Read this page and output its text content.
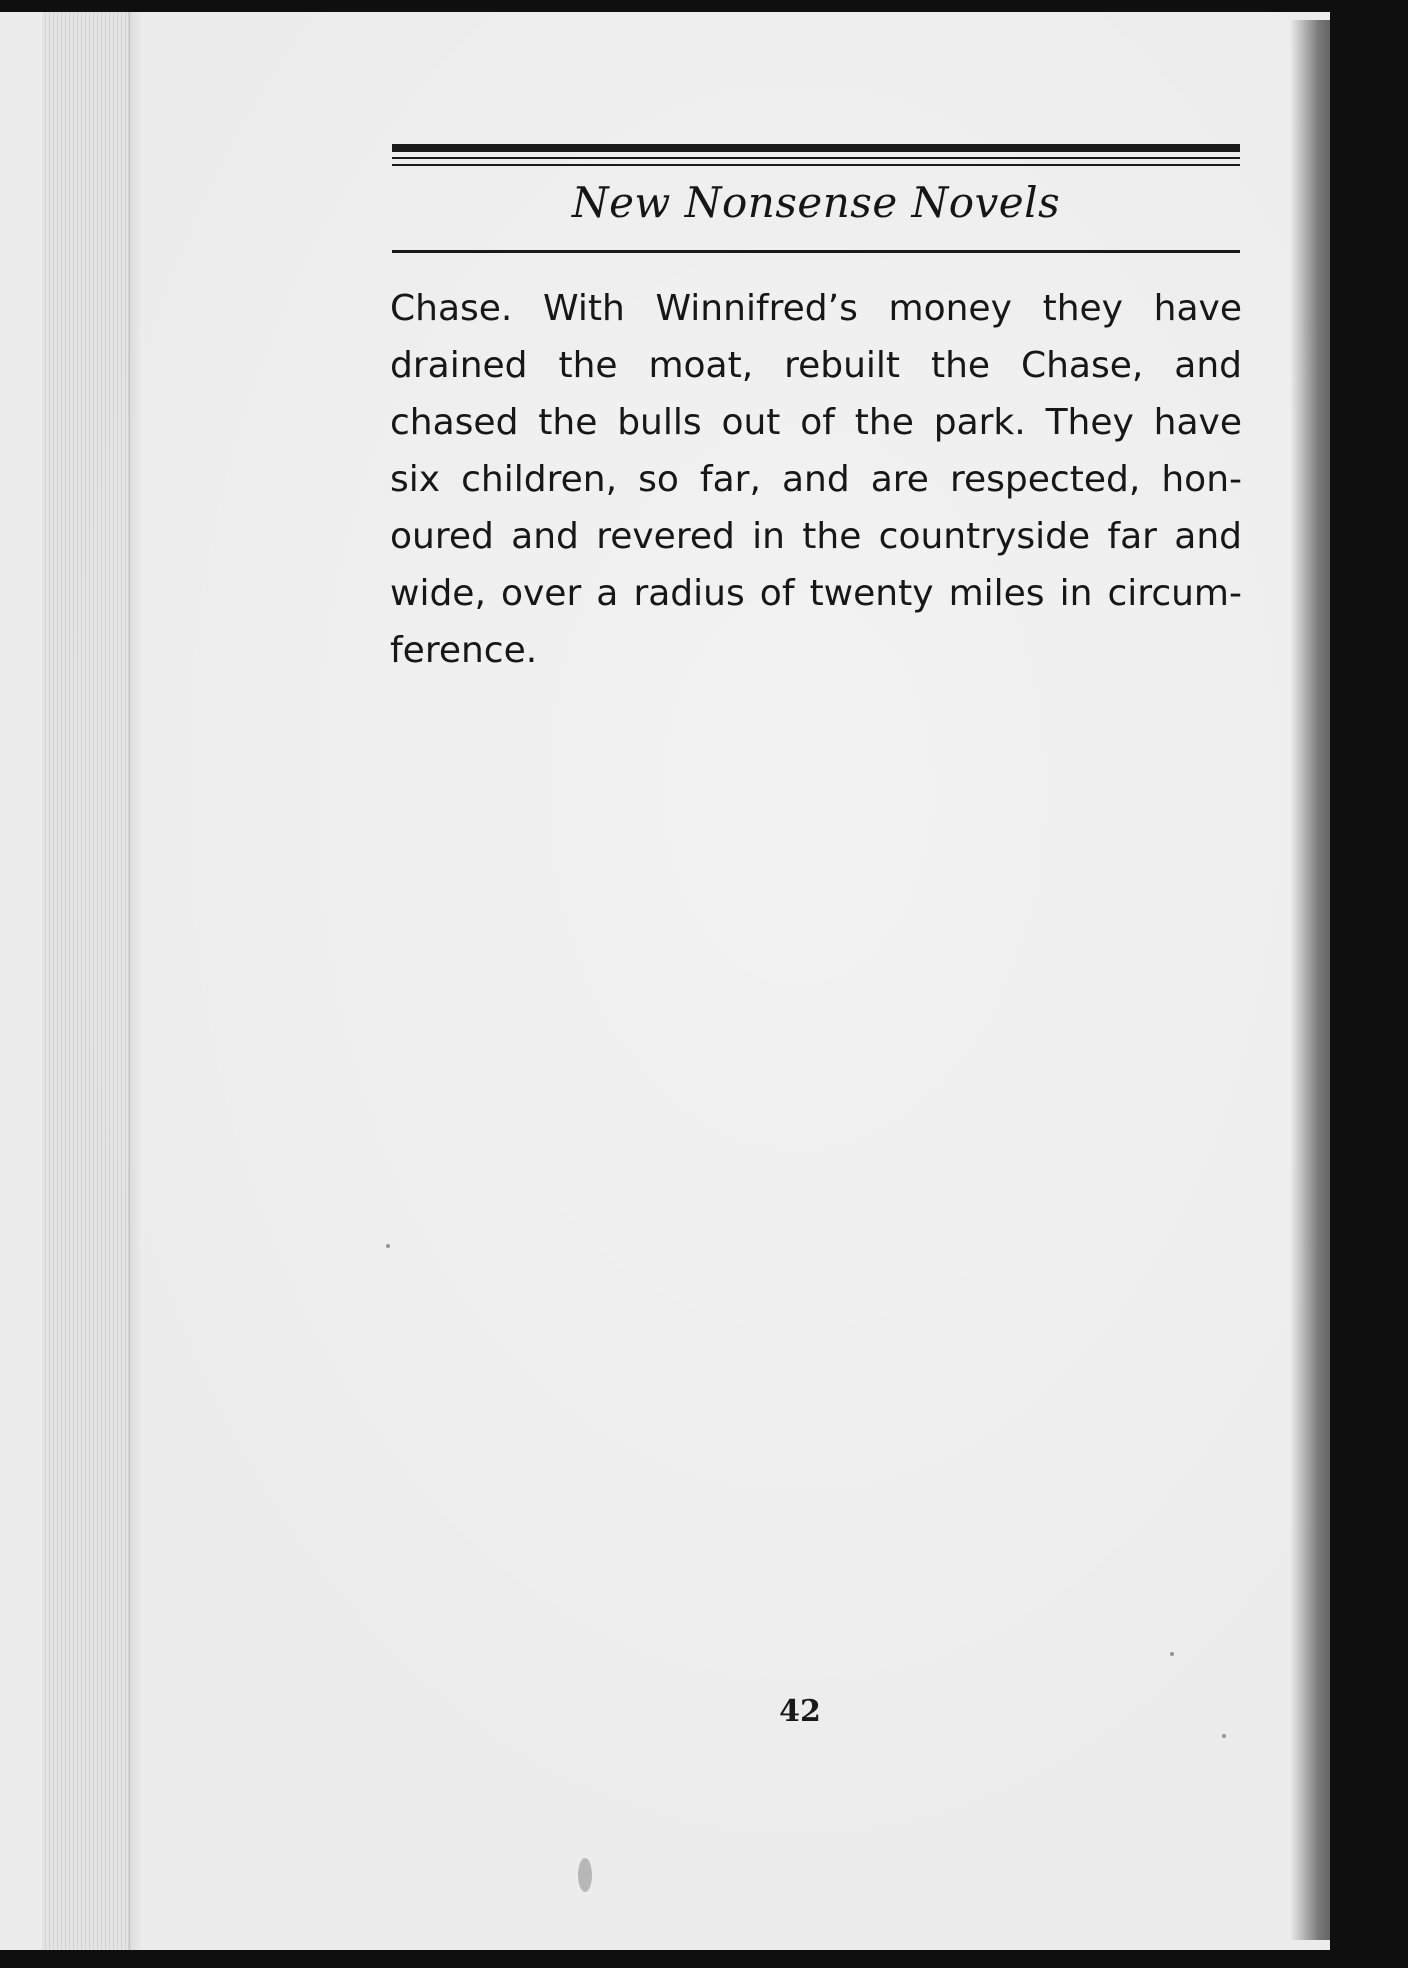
New Nonsense Novels
Chase. With Winnifred’s money they have
drained the moat, rebuilt the Chase, and
chased the bulls out of the park. They have
six children, so far, and are respected, hon-
oured and revered in the countryside far and
wide, over a radius of twenty miles in circum-
ference.
42
